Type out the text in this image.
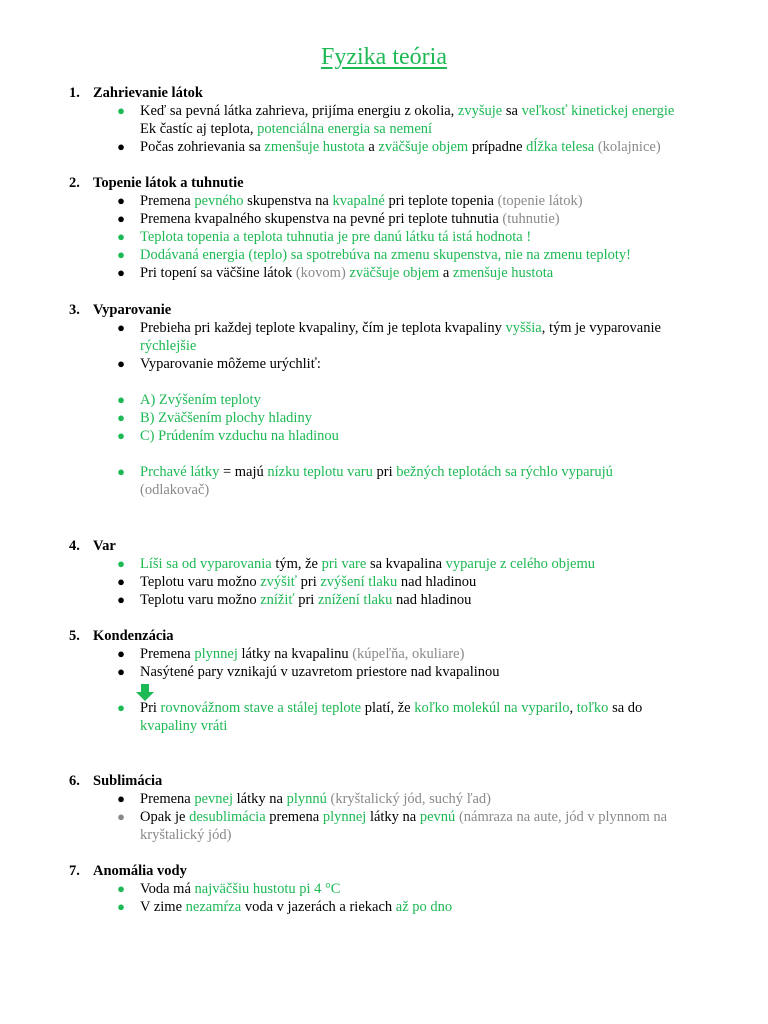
Fyzika teória
1. Zahrievanie látok
● Keď sa pevná látka zahrieva, prijíma energiu z okolia, zvyšuje sa veľkosť kinetickej energie
Ek častíc aj teplota, potenciálna energia sa nemení
● Počas zohrievania sa zmenšuje hustota a zväčšuje objem prípadne dĺžka telesa (kolajnice)
2. Topenie látok a tuhnutie
● Premena pevného skupenstva na kvapalné pri teplote topenia (topenie látok)
● Premena kvapalného skupenstva na pevné pri teplote tuhnutia (tuhnutie)
● Teplota topenia a teplota tuhnutia je pre danú látku tá istá hodnota !
● Dodávaná energia (teplo) sa spotrebúva na zmenu skupenstva, nie na zmenu teploty!
● Pri topení sa väčšine látok (kovom) zväčšuje objem a zmenšuje hustota
3. Vyparovanie
● Prebieha pri každej teplote kvapaliny, čím je teplota kvapaliny vyššia, tým je vyparovanie
rýchlejšie
● Vyparovanie môžeme urýchliť:
● A) Zvýšením teploty
● B) Zväčšením plochy hladiny
● C) Prúdením vzduchu na hladinou
● Prchavé látky = majú nízku teplotu varu pri bežných teplotách sa rýchlo vyparujú
(odlakovač)
4. Var
● Líši sa od vyparovania tým, že pri vare sa kvapalina vyparuje z celého objemu
● Teplotu varu možno zvýšiť pri zvýšení tlaku nad hladinou
● Teplotu varu možno znížiť pri znížení tlaku nad hladinou
5. Kondenzácia
● Premena plynnej látky na kvapalinu (kúpeľňa, okuliare)
● Nasýtené pary vznikajú v uzavretom priestore nad kvapalinou
● Pri rovnovážnom stave a stálej teplote platí, že koľko molekúl na vyparilo, toľko sa do
kvapaliny vráti
6. Sublimácia
● Premena pevnej látky na plynnú (kryštalický jód, suchý ľad)
● Opak je desublimácia premena plynnej látky na pevnú (námraza na aute, jód v plynnom na
kryštalický jód)
7. Anomália vody
● Voda má najväčšiu hustotu pi 4 °C
● V zime nezamŕza voda v jazerách a riekach až po dno
